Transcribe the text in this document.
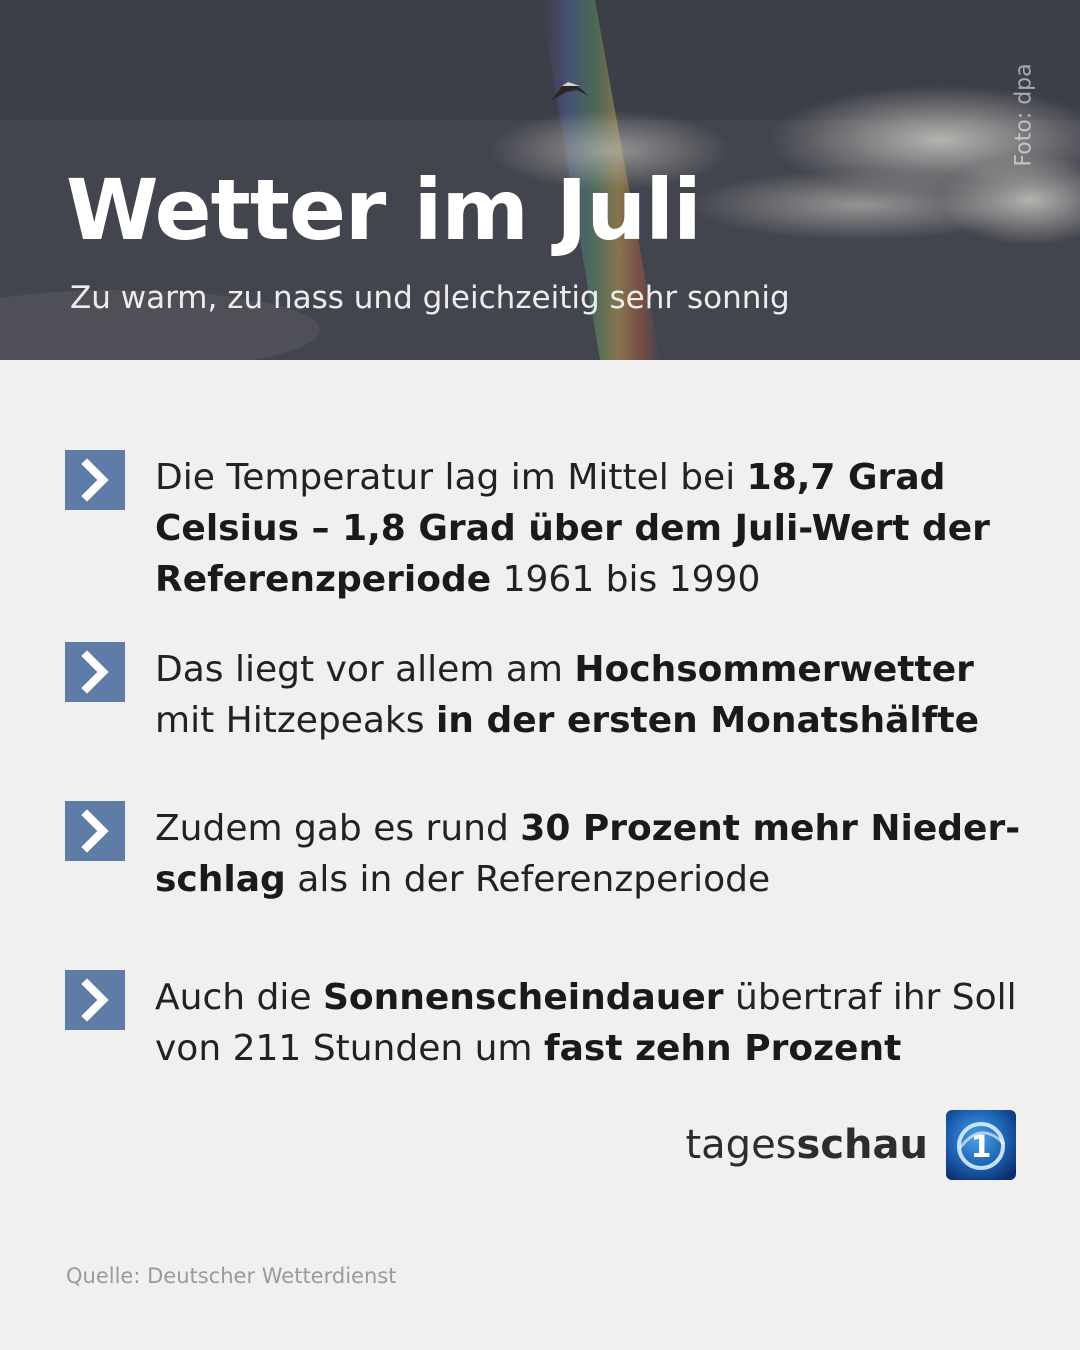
Foto: dpa
Wetter im Juli

Zu warm, zu nass und gleichzeitig sehr sonnig

Die Temperatur lag im Mittel bei 18,7 Grad Celsius – 1,8 Grad über dem Juli-Wert der Referenzperiode 1961 bis 1990
Das liegt vor allem am Hochsommerwetter mit Hitzepeaks in der ersten Monatshälfte
Zudem gab es rund 30 Prozent mehr Nieder-schlag als in der Referenzperiode
Auch die Sonnenscheindauer übertraf ihr Soll von 211 Stunden um fast zehn Prozent
tagesschau 1
Quelle: Deutscher Wetterdienst
